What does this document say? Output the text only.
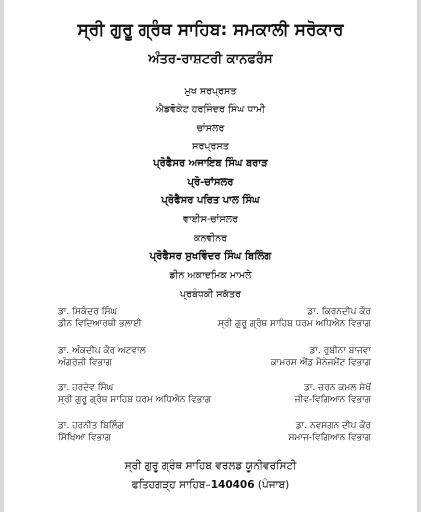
ਸ੍ਰੀ ਗੁਰੂ ਗ੍ਰੰਥ ਸਾਹਿਬ: ਸਮਕਾਲੀ ਸਰੋਕਾਰ
ਅੰਤਰ-ਰਾਸ਼ਟਰੀ ਕਾਨਫਰੰਸ
ਮੁਖ ਸਰਪ੍ਰਸਤ
ਐਡਵੋਕੇਟ ਹਰਜਿੰਦਰ ਸਿੰਘ ਧਾਮੀ
ਚਾਂਸਲਰ
ਸਰਪ੍ਰਸਤ
ਪ੍ਰੋਫੈਸਰ ਅਜਾਇਬ ਸਿੰਘ ਬਰਾੜ
ਪ੍ਰੋ-ਚਾਂਸਲਰ
ਪ੍ਰੋਫੈਸਰ ਪਰਿਤ ਪਾਲ ਸਿੰਘ
ਵਾਈਸ-ਚਾਂਸਲਰ
ਕਨਵੀਨਰ
ਪ੍ਰੋਫੈਸਰ ਸੁਖਵਿੰਦਰ ਸਿੰਘ ਬਿਲਿੰਗ
ਡੀਨ ਅਕਾਦਮਿਕ ਮਾਮਲੇ
ਪ੍ਰਬੰਧਕੀ ਸਕੱਤਰ
ਡਾ. ਸਿਕੰਦਰ ਸਿੰਘ
ਡੀਨ ਵਿਦਿਆਰਥੀ ਭਲਾਈ
ਡਾ. ਕਿਰਨਦੀਪ ਕੌਰ
ਸ੍ਰੀ ਗੁਰੂ ਗ੍ਰੰਥ ਸਾਹਿਬ ਧਰਮ ਅਧਿਐਨ ਵਿਭਾਗ
ਡਾ. ਅੰਕਦੀਪ ਕੌਰ ਅਟਵਾਲ
ਅੰਗਰੇਜ਼ੀ ਵਿਭਾਗ
ਡਾ. ਰੁਬੀਨਾ ਬਾਜਵਾ
ਕਾਮਰਸ ਐਂਡ ਮੈਨੇਜਮੈਂਟ ਵਿਭਾਗ
ਡਾ. ਹਰਦੇਵ ਸਿੰਘ
ਸ੍ਰੀ ਗੁਰੂ ਗ੍ਰੰਥ ਸਾਹਿਬ ਧਰਮ ਅਧਿਐਨ ਵਿਭਾਗ
ਡਾ. ਚਰਨ ਕਮਲ ਸੇਖੋਂ
ਜੀਵ-ਵਿਗਿਆਨ ਵਿਭਾਗ
ਡਾ. ਹਰਨੀਤ ਬਿਲਿੰਗ
ਸਿੱਖਿਆ ਵਿਭਾਗ
ਡਾ. ਨਵਸਗਨ ਦੀਪ ਕੌਰ
ਸਮਾਜ-ਵਿਗਿਆਨ ਵਿਭਾਗ
ਸ੍ਰੀ ਗੁਰੂ ਗ੍ਰੰਥ ਸਾਹਿਬ ਵਰਲਡ ਯੂਨੀਵਰਸਿਟੀ
ਫਤਿਹਗੜ੍ਹ ਸਾਹਿਬ–140406 (ਪੰਜਾਬ)
